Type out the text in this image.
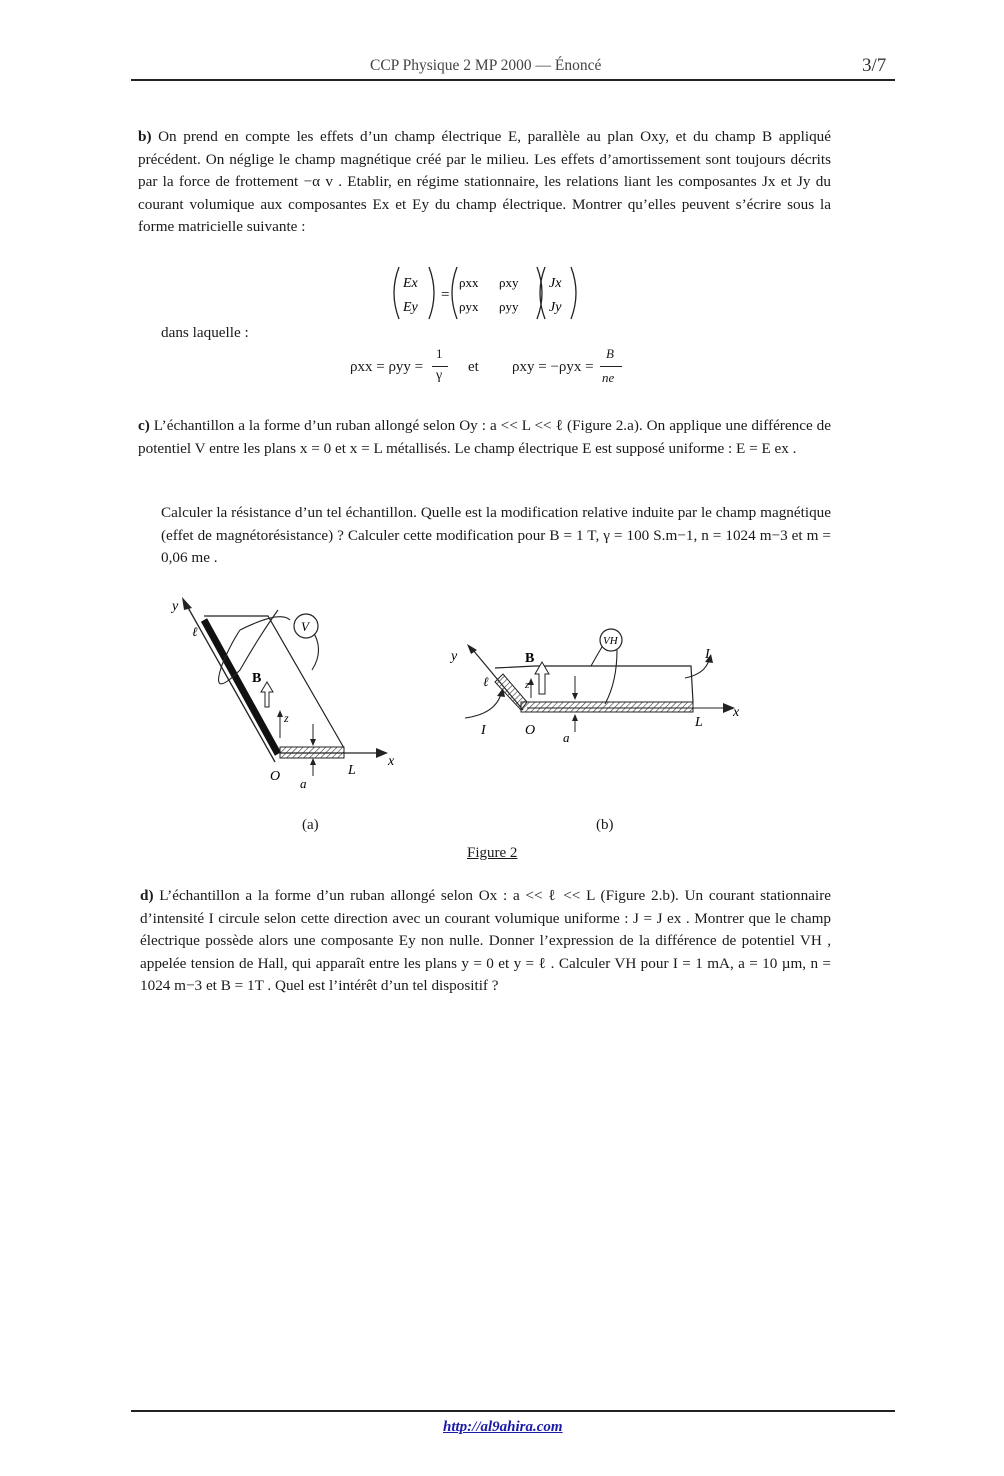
CCP Physique 2 MP 2000 — Énoncé	3/7

b) On prend en compte les effets d’un champ électrique E, parallèle au plan Oxy, et du champ B appliqué précédent. On néglige le champ magnétique créé par le milieu. Les effets d’amortissement sont toujours décrits par la force de frottement −α v . Etablir, en régime stationnaire, les relations liant les composantes Jx et Jy du courant volumique aux composantes Ex et Ey du champ électrique. Montrer qu’elles peuvent s’écrire sous la forme matricielle suivante :

Ex
Ey
=
ρxx ρxy
ρyx ρyy
Jx
Jy
dans laquelle :
ρxx = ρyy =
1
γ
et ρxy = −ρyx =
B
ne

c) L’échantillon a la forme d’un ruban allongé selon Oy : a << L << ℓ (Figure 2.a). On applique une différence de potentiel V entre les plans x = 0 et x = L métallisés. Le champ électrique E est supposé uniforme : E = E ex .

Calculer la résistance d’un tel échantillon. Quelle est la modification relative induite par le champ magnétique (effet de magnétorésistance) ? Calculer cette modification pour B = 1 T, γ = 100 S.m−1, n = 1024 m−3 et m = 0,06 me .

y
ℓ	V
B
z
O a
L
x
y	B
VH
I
ℓ	z
x
I	O a
L
(a)	(b)
Figure 2

d) L’échantillon a la forme d’un ruban allongé selon Ox : a << ℓ << L (Figure 2.b). Un courant stationnaire d’intensité I circule selon cette direction avec un courant volumique uniforme : J = J ex . Montrer que le champ électrique possède alors une composante Ey non nulle. Donner l’expression de la différence de potentiel VH , appelée tension de Hall, qui apparaît entre les plans y = 0 et y = ℓ . Calculer VH pour I = 1 mA, a = 10 µm, n = 1024 m−3 et B = 1T . Quel est l’intérêt d’un tel dispositif ?

http://al9ahira.com
